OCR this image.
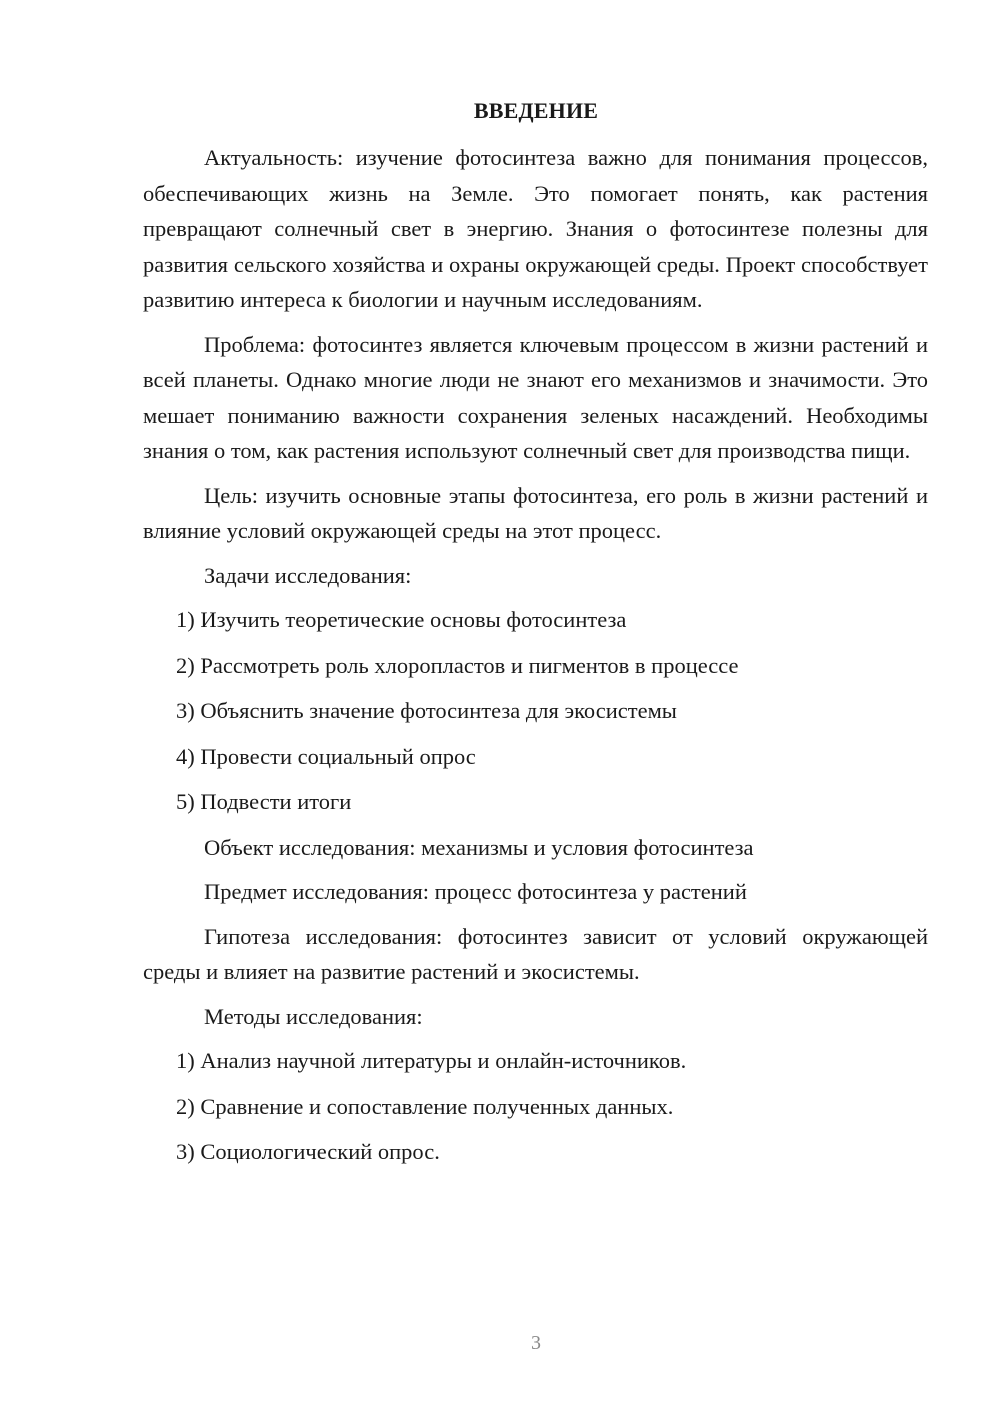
ВВЕДЕНИЕ

Актуальность: изучение фотосинтеза важно для понимания процессов, обеспечивающих жизнь на Земле. Это помогает понять, как растения превращают солнечный свет в энергию. Знания о фотосинтезе полезны для развития сельского хозяйства и охраны окружающей среды. Проект способствует развитию интереса к биологии и научным исследованиям.

Проблема: фотосинтез является ключевым процессом в жизни растений и всей планеты. Однако многие люди не знают его механизмов и значимости. Это мешает пониманию важности сохранения зеленых насаждений. Необходимы знания о том, как растения используют солнечный свет для производства пищи.

Цель: изучить основные этапы фотосинтеза, его роль в жизни растений и влияние условий окружающей среды на этот процесс.

Задачи исследования:

1) Изучить теоретические основы фотосинтеза
2) Рассмотреть роль хлоропластов и пигментов в процессе
3) Объяснить значение фотосинтеза для экосистемы
4) Провести социальный опрос
5) Подвести итоги

Объект исследования: механизмы и условия фотосинтеза

Предмет исследования: процесс фотосинтеза у растений

Гипотеза исследования: фотосинтез зависит от условий окружающей среды и влияет на развитие растений и экосистемы.

Методы исследования:

1) Анализ научной литературы и онлайн-источников.
2) Сравнение и сопоставление полученных данных.
3) Социологический опрос.
3
